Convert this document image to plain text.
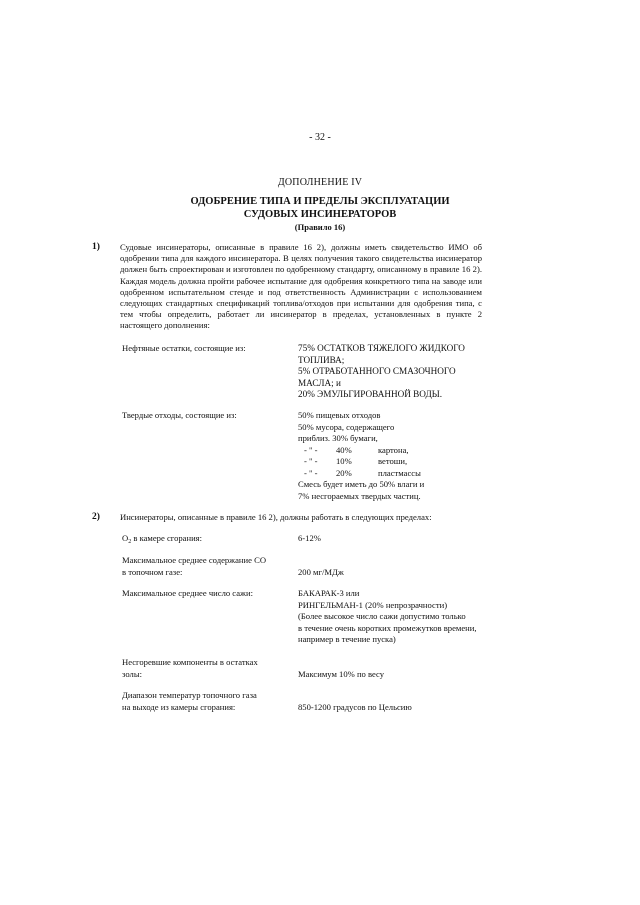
- 32 -
ДОПОЛНЕНИЕ IV
ОДОБРЕНИЕ ТИПА И ПРЕДЕЛЫ ЭКСПЛУАТАЦИИ
СУДОВЫХ ИНСИНЕРАТОРОВ
(Правило 16)
1) Судовые инсинераторы, описанные в правиле 16 2), должны иметь свидетельство ИМО об одобрении типа для каждого инсинератора. В целях получения такого свидетельства инсинератор должен быть спроектирован и изготовлен по одобренному стандарту, описанному в правиле 16 2). Каждая модель должна пройти рабочее испытание для одобрения конкретного типа на заводе или одобренном испытательном стенде и под ответственность Администрации с использованием следующих стандартных спецификаций топлива/отходов при испытании для одобрения типа, с тем чтобы определить, работает ли инсинератор в пределах, установленных в пункте 2 настоящего дополнения:
Нефтяные остатки, состоящие из:	75% ОСТАТКОВ ТЯЖЕЛОГО ЖИДКОГО
ТОПЛИВА;
5% ОТРАБОТАННОГО СМАЗОЧНОГО
МАСЛА; и
20% ЭМУЛЬГИРОВАННОЙ ВОДЫ.
Твердые отходы, состоящие из:	50% пищевых отходов
50% мусора, содержащего
приблиз. 30% бумаги,
- " - 40%	картона,
- " - 10%	ветоши,
- " - 20%	пластмассы
Смесь будет иметь до 50% влаги и
7% несгораемых твердых частиц.
2) Инсинераторы, описанные в правиле 16 2), должны работать в следующих пределах:
$O_2$ в камере сгорания:	6-12%
Максимальное среднее содержание CO
в топочном газе:	200 мг/МДж
Максимальное среднее число сажи:	БАКАРАК-3 или
РИНГЕЛЬМАН-1 (20% непрозрачности)
(Более высокое число сажи допустимо только
в течение очень коротких промежутков времени,
например в течение пуска)
Несгоревшие компоненты в остатках
золы:	Максимум 10% по весу
Диапазон температур топочного газа
на выходе из камеры сгорания:	850-1200 градусов по Цельсию
